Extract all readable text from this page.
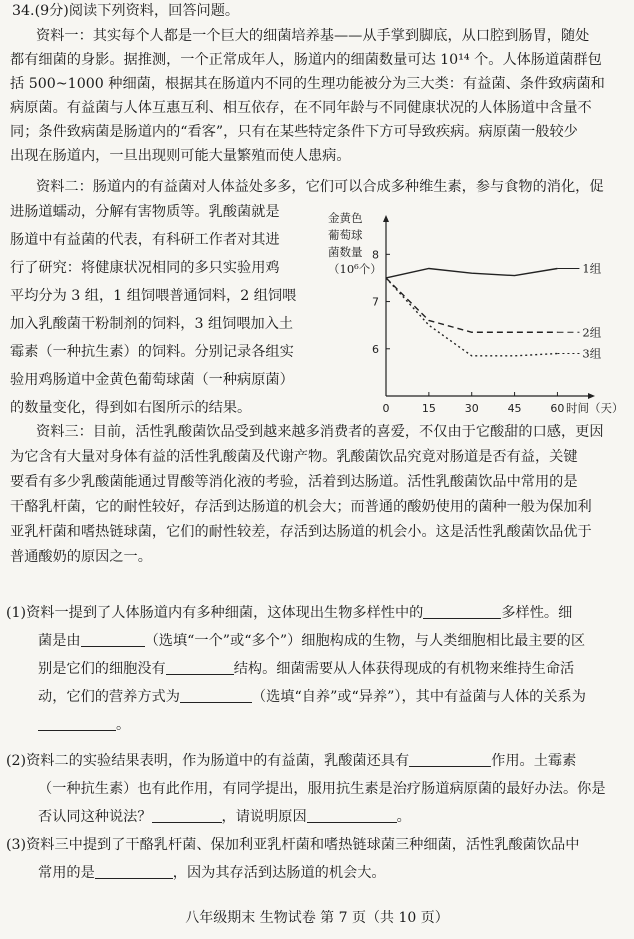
34.(9分)阅读下列资料，回答问题。
资料一：其实每个人都是一个巨大的细菌培养基——从手掌到脚底，从口腔到肠胃，随处
都有细菌的身影。据推测，一个正常成年人，肠道内的细菌数量可达 10¹⁴ 个。人体肠道菌群包
括 500~1000 种细菌，根据其在肠道内不同的生理功能被分为三大类：有益菌、条件致病菌和
病原菌。有益菌与人体互惠互利、相互依存，在不同年龄与不同健康状况的人体肠道中含量不
同；条件致病菌是肠道内的“看客”，只有在某些特定条件下方可导致疾病。病原菌一般较少
出现在肠道内，一旦出现则可能大量繁殖而使人患病。
资料二：肠道内的有益菌对人体益处多多，它们可以合成多种维生素，参与食物的消化，促
进肠道蠕动，分解有害物质等。乳酸菌就是
肠道中有益菌的代表，有科研工作者对其进
行了研究：将健康状况相同的多只实验用鸡
平均分为 3 组，1 组饲喂普通饲料，2 组饲喂
加入乳酸菌干粉制剂的饲料，3 组饲喂加入土
霉素（一种抗生素）的饲料。分别记录各组实
验用鸡肠道中金黄色葡萄球菌（一种病原菌）
的数量变化，得到如右图所示的结果。
金黄色
葡萄球
菌数量
（10⁶个）
0	15	30	45	60
6
7
8
时间（天）
1组
2组
3组
资料三：目前，活性乳酸菌饮品受到越来越多消费者的喜爱，不仅由于它酸甜的口感，更因
为它含有大量对身体有益的活性乳酸菌及代谢产物。乳酸菌饮品究竟对肠道是否有益，关键
要看有多少乳酸菌能通过胃酸等消化液的考验，活着到达肠道。活性乳酸菌饮品中常用的是
干酪乳杆菌，它的耐性较好，存活到达肠道的机会大；而普通的酸奶使用的菌种一般为保加利
亚乳杆菌和嗜热链球菌，它们的耐性较差，存活到达肠道的机会小。这是活性乳酸菌饮品优于
普通酸奶的原因之一。
(1)资料一提到了人体肠道内有多种细菌，这体现出生物多样性中的	多样性。细
菌是由	（选填“一个”或“多个”）细胞构成的生物，与人类细胞相比最主要的区
别是它们的细胞没有	结构。细菌需要从人体获得现成的有机物来维持生命活
动，它们的营养方式为	（选填“自养”或“异养”），其中有益菌与人体的关系为
。
(2)资料二的实验结果表明，作为肠道中的有益菌，乳酸菌还具有	作用。土霉素
（一种抗生素）也有此作用，有同学提出，服用抗生素是治疗肠道病原菌的最好办法。你是
否认同这种说法？	，请说明原因	。
(3)资料三中提到了干酪乳杆菌、保加利亚乳杆菌和嗜热链球菌三种细菌，活性乳酸菌饮品中
常用的是	，因为其存活到达肠道的机会大。
八年级期末 生物试卷 第 7 页（共 10 页）
